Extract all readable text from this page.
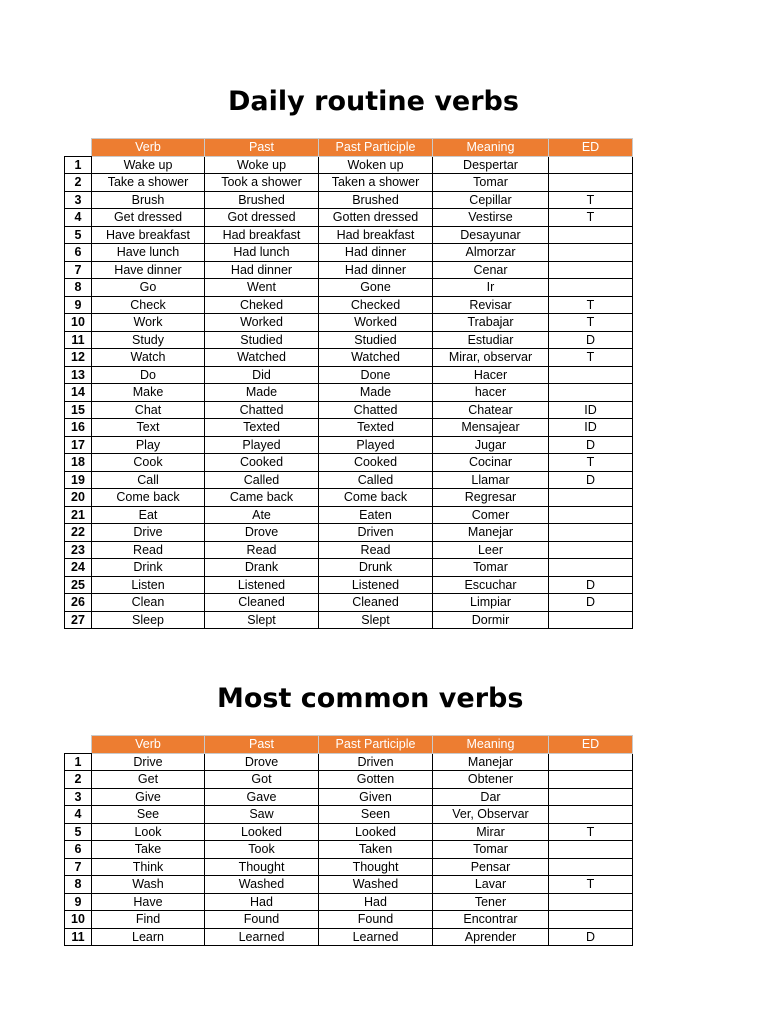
Daily routine verbs
	Verb	Past	Past Participle	Meaning	ED
1	Wake up	Woke up	Woken up	Despertar	
2	Take a shower	Took a shower	Taken a shower	Tomar	
3	Brush	Brushed	Brushed	Cepillar	T
4	Get dressed	Got dressed	Gotten dressed	Vestirse	T
5	Have breakfast	Had breakfast	Had breakfast	Desayunar	
6	Have lunch	Had lunch	Had dinner	Almorzar	
7	Have dinner	Had dinner	Had dinner	Cenar	
8	Go	Went	Gone	Ir	
9	Check	Cheked	Checked	Revisar	T
10	Work	Worked	Worked	Trabajar	T
11	Study	Studied	Studied	Estudiar	D
12	Watch	Watched	Watched	Mirar, observar	T
13	Do	Did	Done	Hacer	
14	Make	Made	Made	hacer	
15	Chat	Chatted	Chatted	Chatear	ID
16	Text	Texted	Texted	Mensajear	ID
17	Play	Played	Played	Jugar	D
18	Cook	Cooked	Cooked	Cocinar	T
19	Call	Called	Called	Llamar	D
20	Come back	Came back	Come back	Regresar	
21	Eat	Ate	Eaten	Comer	
22	Drive	Drove	Driven	Manejar	
23	Read	Read	Read	Leer	
24	Drink	Drank	Drunk	Tomar	
25	Listen	Listened	Listened	Escuchar	D
26	Clean	Cleaned	Cleaned	Limpiar	D
27	Sleep	Slept	Slept	Dormir	
Most common verbs
	Verb	Past	Past Participle	Meaning	ED
1	Drive	Drove	Driven	Manejar	
2	Get	Got	Gotten	Obtener	
3	Give	Gave	Given	Dar	
4	See	Saw	Seen	Ver, Observar	
5	Look	Looked	Looked	Mirar	T
6	Take	Took	Taken	Tomar	
7	Think	Thought	Thought	Pensar	
8	Wash	Washed	Washed	Lavar	T
9	Have	Had	Had	Tener	
10	Find	Found	Found	Encontrar	
11	Learn	Learned	Learned	Aprender	D
